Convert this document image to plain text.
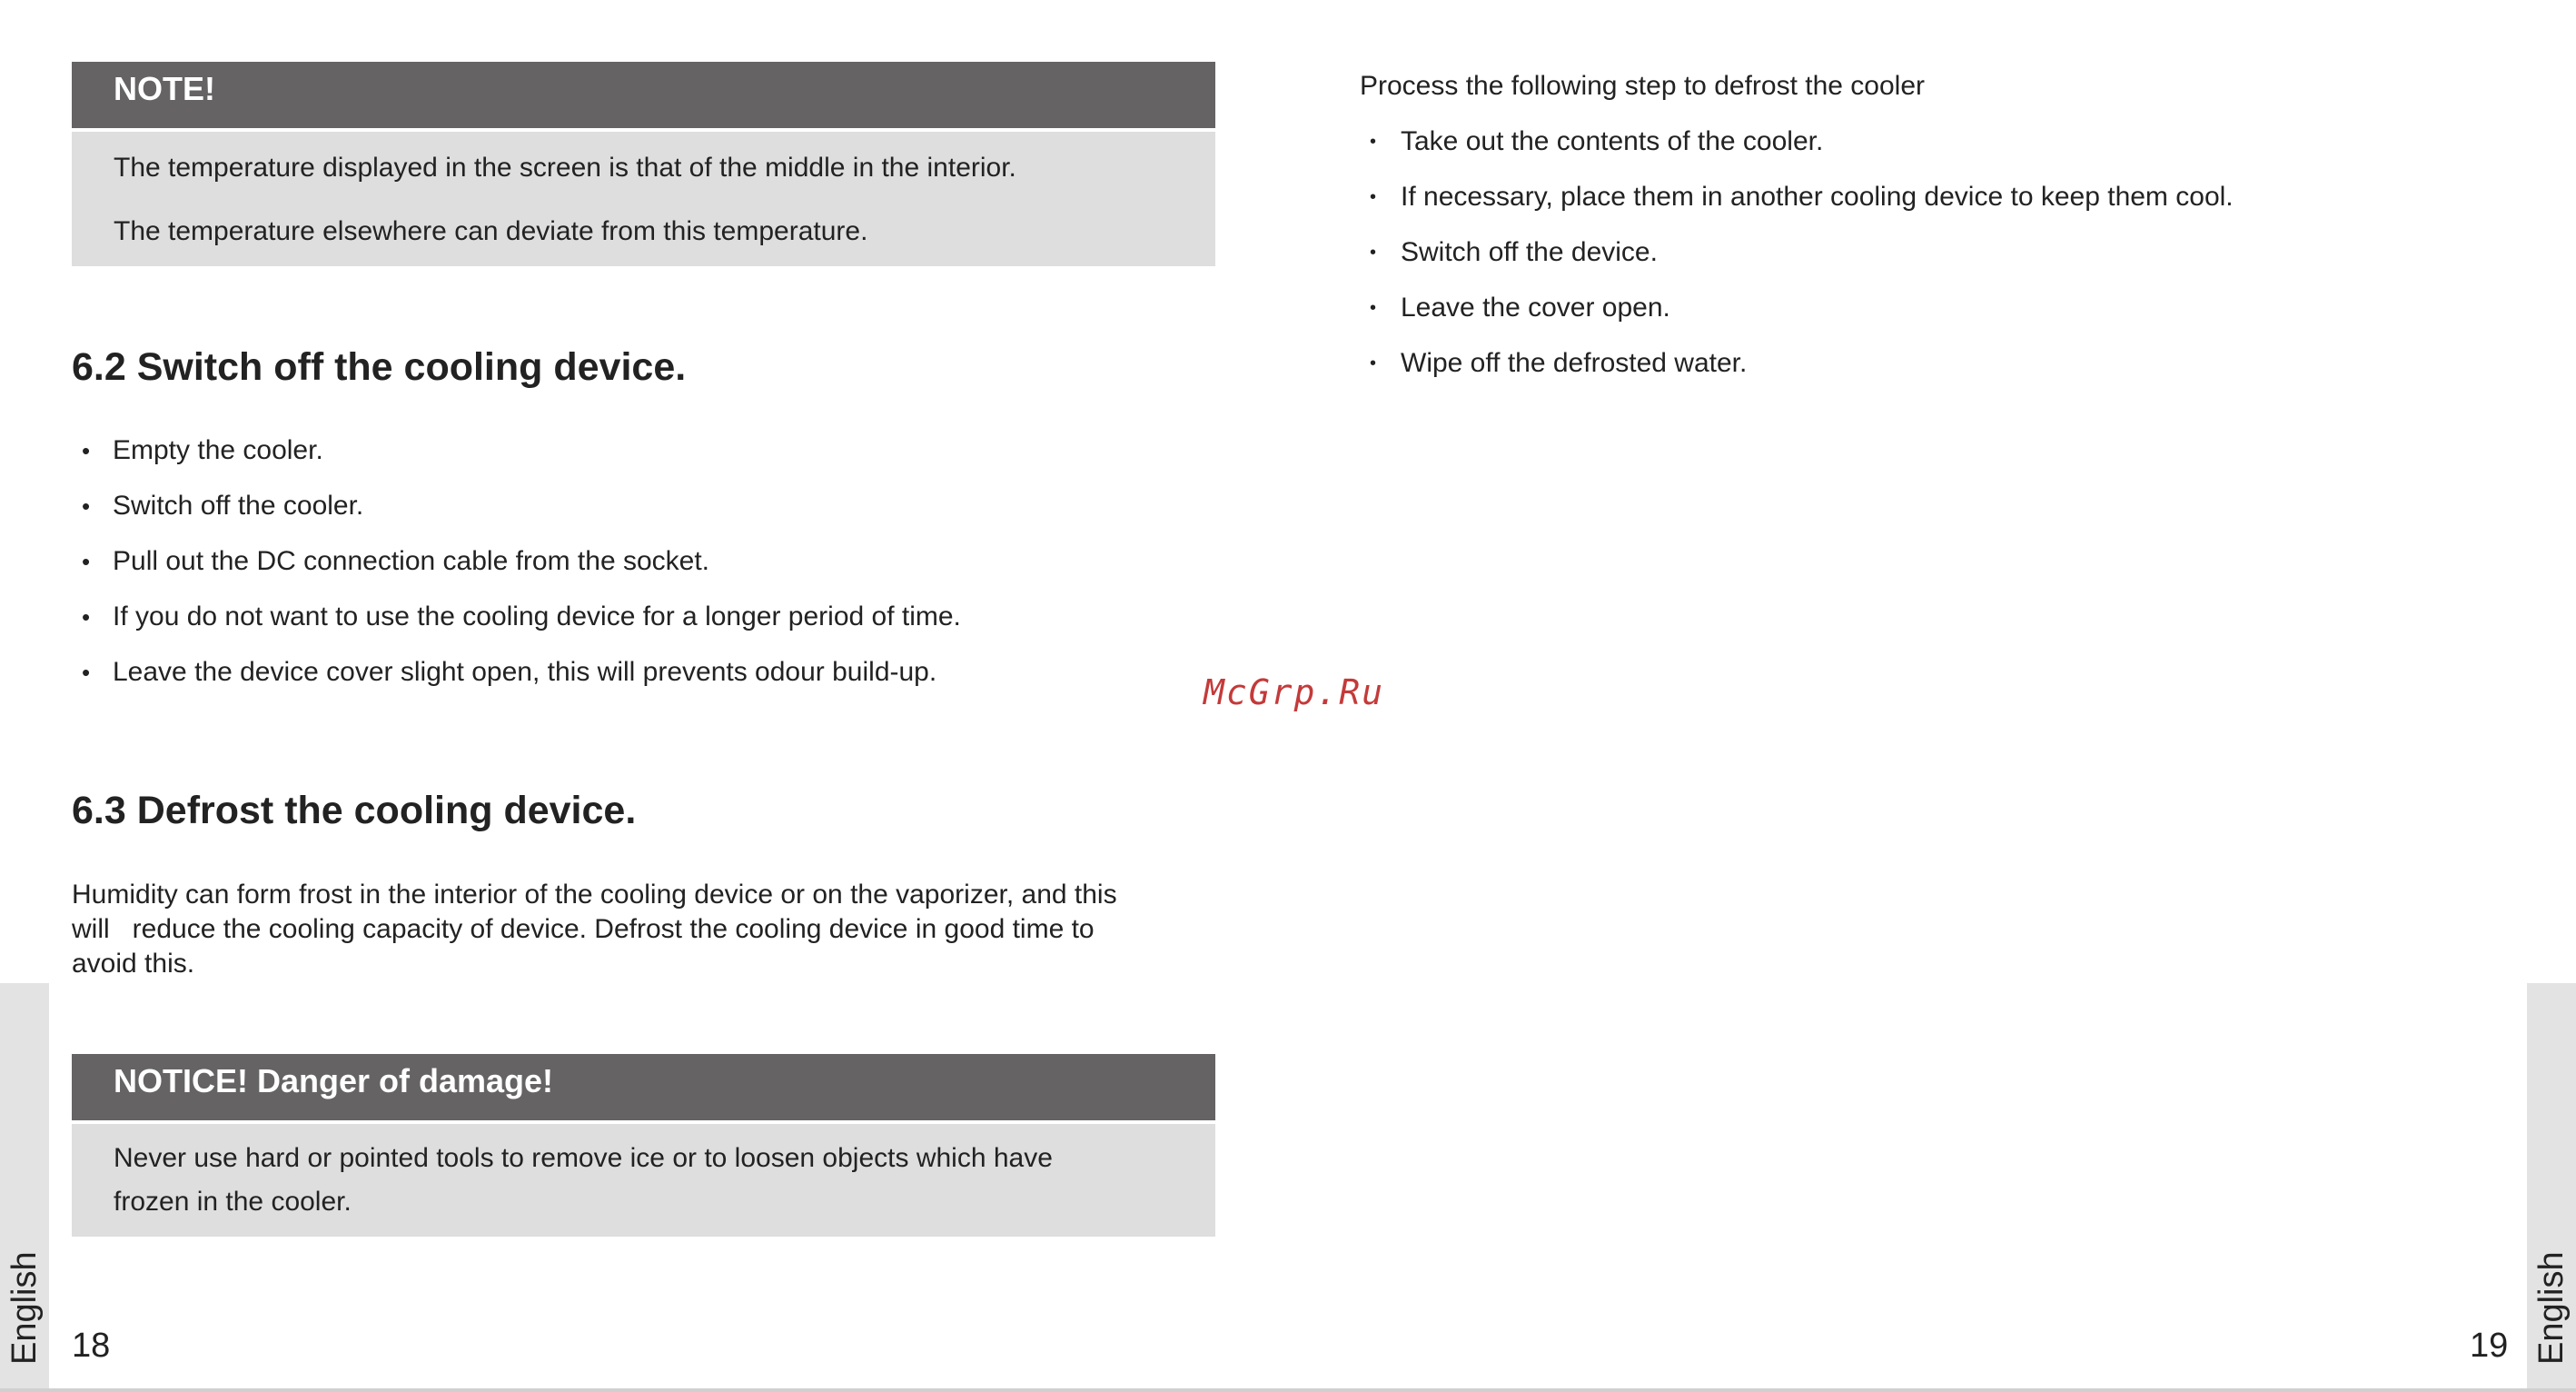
NOTE!

The temperature displayed in the screen is that of the middle in the interior.

The temperature elsewhere can deviate from this temperature.

6.2 Switch off the cooling device.
• Empty the cooler.
• Switch off the cooler.
• Pull out the DC connection cable from the socket.
• If you do not want to use the cooling device for a longer period of time.
• Leave the device cover slight open, this will prevents odour build-up.
6.3 Defrost the cooling device.
Humidity can form frost in the interior of the cooling device or on the vaporizer, and this
will   reduce the cooling capacity of device. Defrost the cooling device in good time to
avoid this.
NOTICE! Danger of damage!

Never use hard or pointed tools to remove ice or to loosen objects which have

frozen in the cooler.

English 18
Process the following step to defrost the cooler
• Take out the contents of the cooler.
• If necessary, place them in another cooling device to keep them cool.
• Switch off the device.
• Leave the cover open.
• Wipe off the defrosted water.
English
19
McGrp.Ru
